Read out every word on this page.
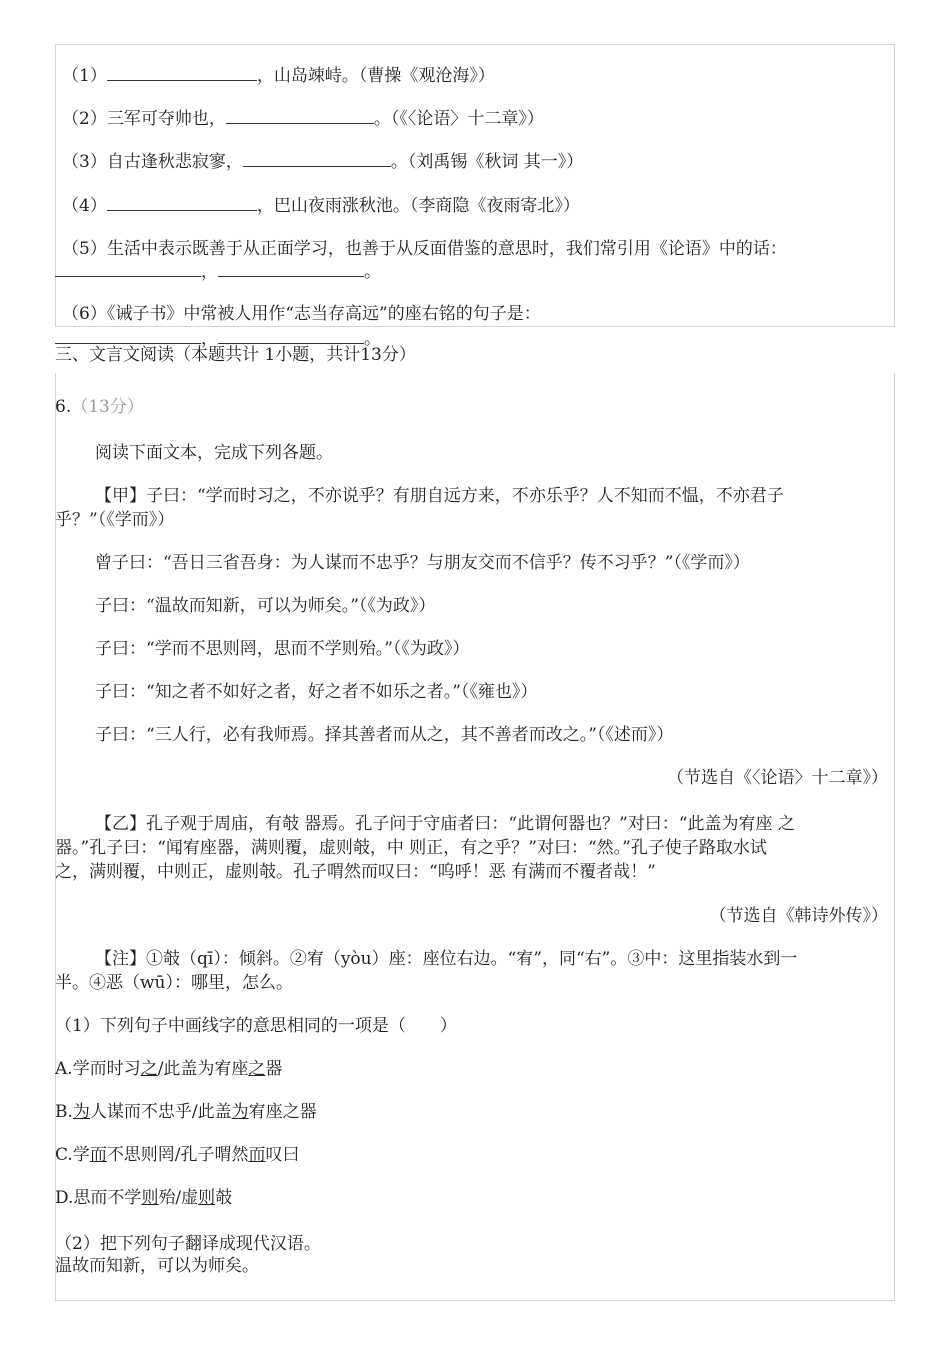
（1）	，山岛竦峙。（曹操《观沧海》）
（2）三军可夺帅也，	。（《〈论语〉十二章》）
（3）自古逢秋悲寂寥，	。（刘禹锡《秋词 其一》）
（4）	，巴山夜雨涨秋池。（李商隐《夜雨寄北》）
（5）生活中表示既善于从正面学习，也善于从反面借鉴的意思时，我们常引用《论语》中的话：
，	。
（6）《诫子书》中常被人用作“志当存高远”的座右铭的句子是：
，	。
三、文言文阅读（本题共计 1小题，共计13分）
6.（13分）
阅读下面文本，完成下列各题。
【甲】子曰：“学而时习之，不亦说乎？有朋自远方来，不亦乐乎？人不知而不愠，不亦君子
乎？”（《学而》）
曾子曰：“吾日三省吾身：为人谋而不忠乎？与朋友交而不信乎？传不习乎？”（《学而》）
子曰：“温故而知新，可以为师矣。”（《为政》）
子曰：“学而不思则罔，思而不学则殆。”（《为政》）
子曰：“知之者不如好之者，好之者不如乐之者。”（《雍也》）
子曰：“三人行，必有我师焉。择其善者而从之，其不善者而改之。”（《述而》）
（节选自《〈论语〉十二章》）
【乙】孔子观于周庙，有攲 器焉。孔子问于守庙者曰：“此谓何器也？”对曰：“此盖为宥座 之
器。”孔子曰：“闻宥座器，满则覆，虚则攲，中 则正，有之乎？”对曰：“然。”孔子使子路取水试
之，满则覆，中则正，虚则攲。孔子喟然而叹曰：“呜呼！恶 有满而不覆者哉！”
（节选自《韩诗外传》）
【注】①攲（qī）：倾斜。②宥（yòu）座：座位右边。“宥”，同“右”。③中：这里指装水到一
半。④恶（wū）：哪里，怎么。
（1）下列句子中画线字的意思相同的一项是（　　）
A.学而时习之/此盖为宥座之器
B.为人谋而不忠乎/此盖为宥座之器
C.学而不思则罔/孔子喟然而叹曰
D.思而不学则殆/虚则攲
（2）把下列句子翻译成现代汉语。
温故而知新，可以为师矣。
